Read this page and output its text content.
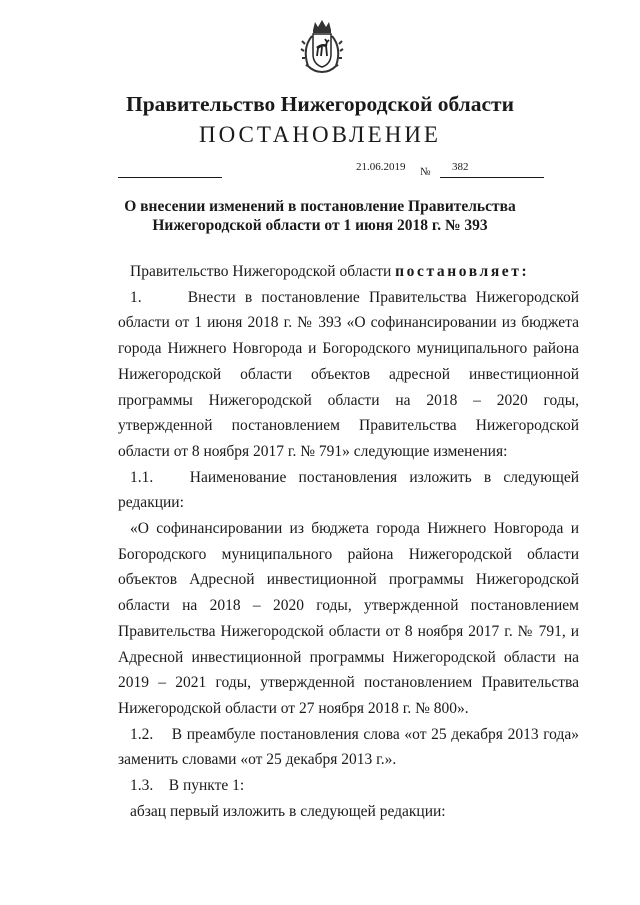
Правительство Нижегородской области
ПОСТАНОВЛЕНИЕ
21.06.2019 № 382
О внесении изменений в постановление Правительства
Нижегородской области от 1 июня 2018 г. № 393

Правительство Нижегородской области постановляет:

1.	Внести в постановление Правительства Нижегородской области от 1 июня 2018 г. № 393 «О софинансировании из бюджета города Нижнего Новгорода и Богородского муниципального района Нижегородской области объектов адресной инвестиционной программы Нижегородской области на 2018 – 2020 годы, утвержденной постановлением Правительства Нижегородской области от 8 ноября 2017 г. № 791» следующие изменения:

1.1. Наименование постановления изложить в следующей редакции:

«О софинансировании из бюджета города Нижнего Новгорода и Богородского муниципального района Нижегородской области объектов Адресной инвестиционной программы Нижегородской области на 2018 – 2020 годы, утвержденной постановлением Правительства Нижегородской области от 8 ноября 2017 г. № 791, и Адресной инвестиционной программы Нижегородской области на 2019 – 2021 годы, утвержденной постановлением Правительства Нижегородской области от 27 ноября 2018 г. № 800».

1.2. В преамбуле постановления слова «от 25 декабря 2013 года» заменить словами «от 25 декабря 2013 г.».

1.3. В пункте 1:

абзац первый изложить в следующей редакции:
